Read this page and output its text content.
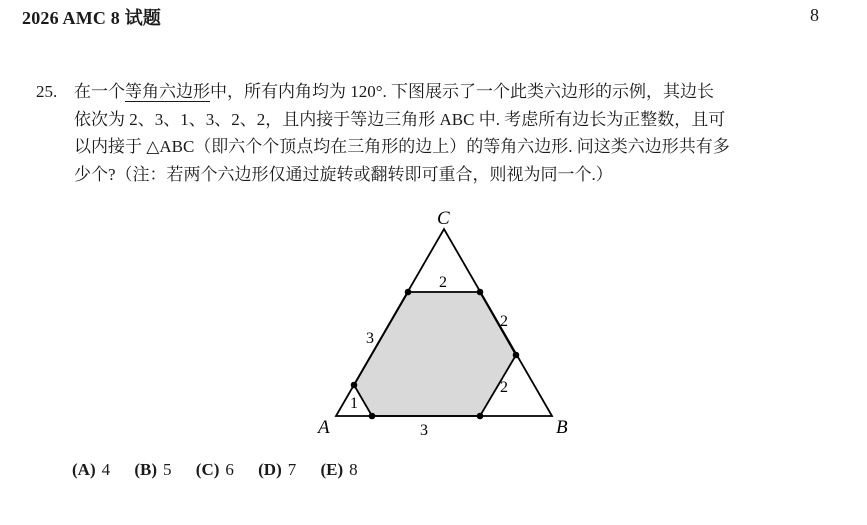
2026 AMC 8 试题	8
25. 在一个等角六边形中，所有内角均为 120°. 下图展示了一个此类六边形的示例，其边长
依次为 2、3、1、3、2、2，且内接于等边三角形 ABC 中. 考虑所有边长为正整数，且可
以内接于 △ABC（即六个个顶点均在三角形的边上）的等角六边形. 问这类六边形共有多
少个?（注：若两个六边形仅通过旋转或翻转即可重合，则视为同一个.）
C
A	B
2
2
2
3
1
3
(A) 4 (B) 5 (C) 6 (D) 7 (E) 8
